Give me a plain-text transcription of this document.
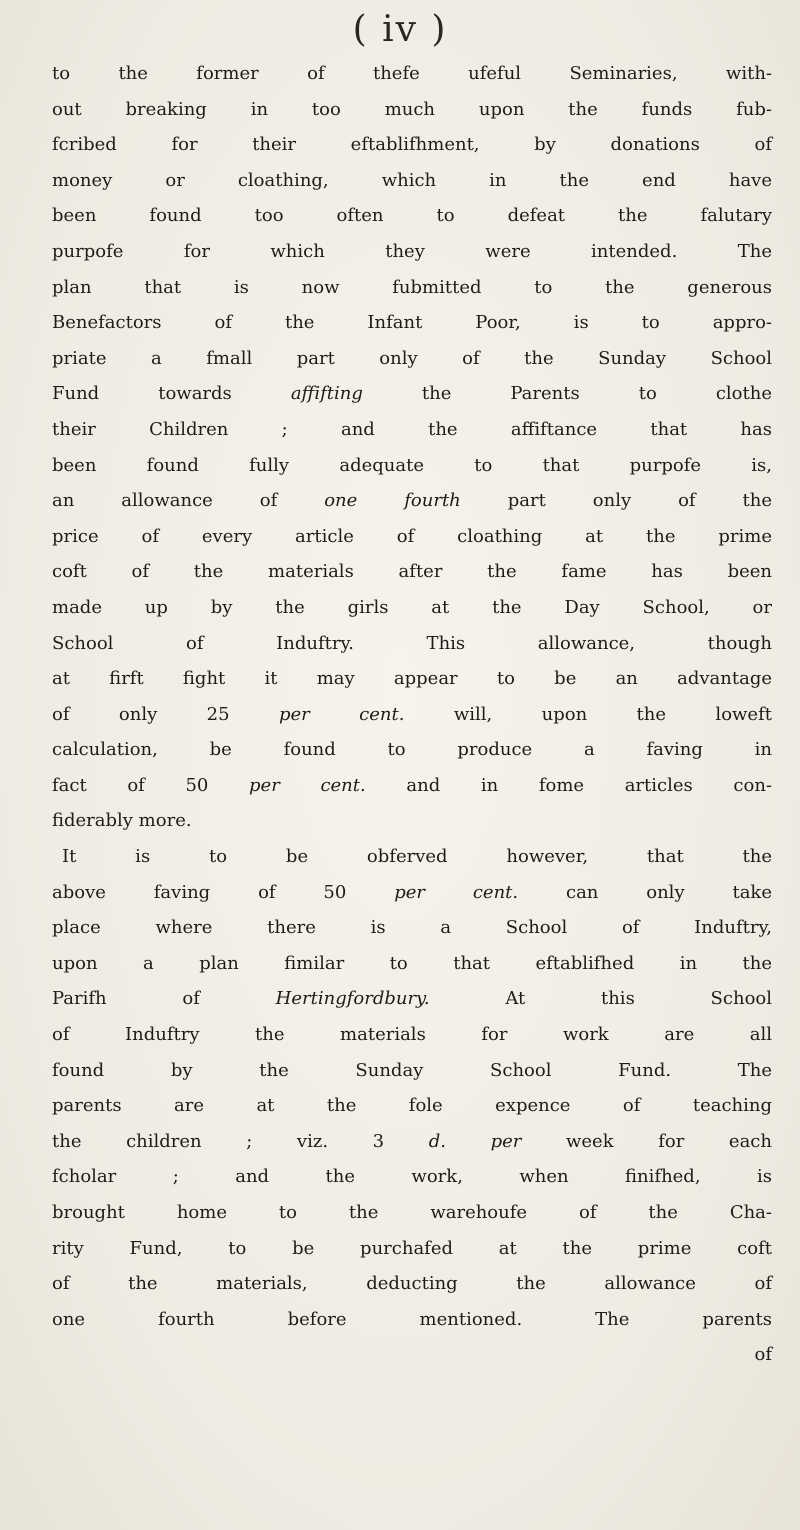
( iv )
to the former of thefe ufeful Seminaries, with-
out breaking in too much upon the funds fub-
fcribed for their eftablifhment, by donations of
money or cloathing, which in the end have
been found too often to defeat the falutary
purpofe for which they were intended. The
plan that is now fubmitted to the generous
Benefactors of the Infant Poor, is to appro-
priate a fmall part only of the Sunday School
Fund towards affifting the Parents to clothe
their Children ; and the affiftance that has
been found fully adequate to that purpofe is,
an allowance of one fourth part only of the
price of every article of cloathing at the prime
coft of the materials after the fame has been
made up by the girls at the Day School, or
School of Induftry. This allowance, though
at firft fight it may appear to be an advantage
of only 25 per cent. will, upon the loweft
calculation, be found to produce a faving in
fact of 50 per cent. and in fome articles con-
fiderably more.
It is to be obferved however, that the
above faving of 50 per cent. can only take
place where there is a School of Induftry,
upon a plan fimilar to that eftablifhed in the
Parifh of Hertingfordbury. At this School
of Induftry the materials for work are all
found by the Sunday School Fund. The
parents are at the fole expence of teaching
the children ; viz. 3 d. per week for each
fcholar ; and the work, when finifhed, is
brought home to the warehoufe of the Cha-
rity Fund, to be purchafed at the prime coft
of the materials, deducting the allowance of
one fourth before mentioned. The parents
of
